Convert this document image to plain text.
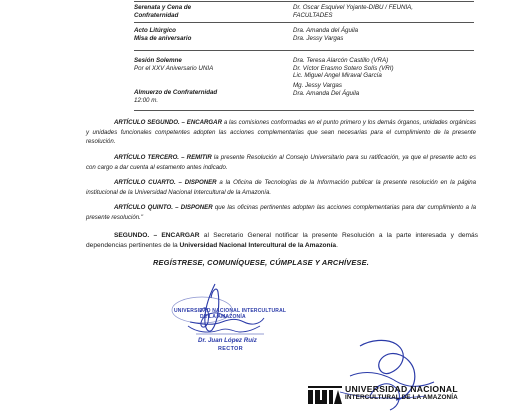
Serenata y Cena de
Confraternidad
Dr. Oscar Esquivel Yojante-DIBU / FEUNIA,
FACULTADES
Acto Litúrgico
Misa de aniversario
Dra. Amanda del Águila
Dra. Jessy Vargas
Sesión Solemne
Por el XXV Aniversario UNIA
Dra. Teresa Alarcón Castillo (VRA)
Dr. Víctor Erasmo Sotero Solís (VRI)
Lic. Miguel Angel Miraval García
Almuerzo de Confraternidad
12:00 m.
Mg. Jessy Vargas
Dra. Amanda Del Águila
ARTÍCULO SEGUNDO. – ENCARGAR a las comisiones conformadas en el punto primero y los demás órganos, unidades orgánicas y unidades funcionales competentes adopten las acciones complementarias que sean necesarias para el cumplimiento de la presente resolución.
ARTÍCULO TERCERO. – REMITIR la presente Resolución al Consejo Universitario para su ratificación, ya que el presente acto es con cargo a dar cuenta al estamento antes indicado.
ARTÍCULO CUARTO. – DISPONER a la Oficina de Tecnologías de la Información publicar la presente resolución en la página institucional de la Universidad Nacional Intercultural de la Amazonía.
ARTÍCULO QUINTO. – DISPONER que las oficinas pertinentes adopten las acciones complementarias para dar cumplimiento a la presente resolución."
SEGUNDO. – ENCARGAR al Secretario General notificar la presente Resolución a la parte interesada y demás dependencias pertinentes de la Universidad Nacional Intercultural de la Amazonía.
REGÍSTRESE, COMUNÍQUESE, CÚMPLASE Y ARCHÍVESE.
UNIVERSIDAD NACIONAL INTERCULTURAL
DE LA AMAZONÍA
Dr. Juan López Ruiz
RECTOR
UNIVERSIDAD NACIONAL
INTERCULTURAL DE LA AMAZONÍA
